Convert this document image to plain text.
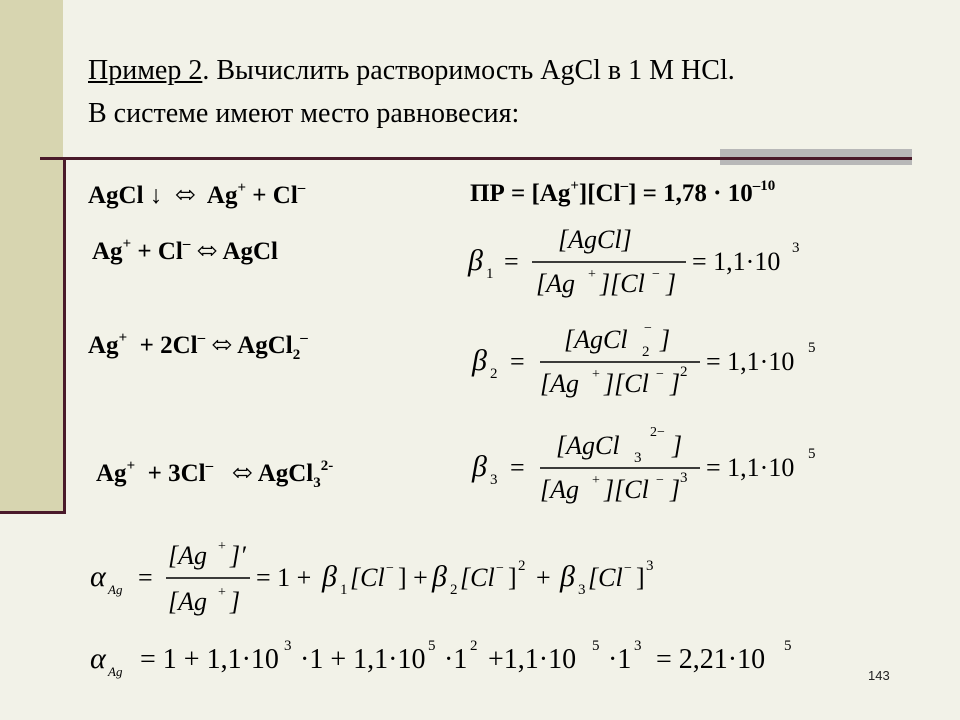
Пример 2. Вычислить растворимость AgCl в 1 М HCl.
В системе имеют место равновесия:
AgCl ↓ ⬄ Ag+ + Cl–	ПР = $[Ag^+][Cl^-] = 1,78 \cdot 10^{-10}$
Ag+ + Cl– ⬄ AgCl
Ag+  + 2Cl– ⬄ AgCl$_2$–
Ag+  + 3Cl– ⬄ AgCl$_3^{2-}$
β 1 =
[AgCl]
[Ag + ][Cl − ]
= 1,1·10 3
β 2 =
[AgCl 2
− ]
[Ag + ][Cl − ] 2 = 1,1·10 5
β 3 =
[AgCl 3
2− ]
[Ag + ][Cl − ] 3 = 1,1·10 5
α Ag =
[Ag + ]′
[Ag + ]
= 1 + β 1 [Cl − ] + β 2 [Cl − ] 2 + β 3 [Cl − ] 3
α Ag = 1 + 1,1·10 3 ·1 + 1,1·10 5 ·1 2 +1,1·10 5 ·1 3 = 2,21·10 5
143
